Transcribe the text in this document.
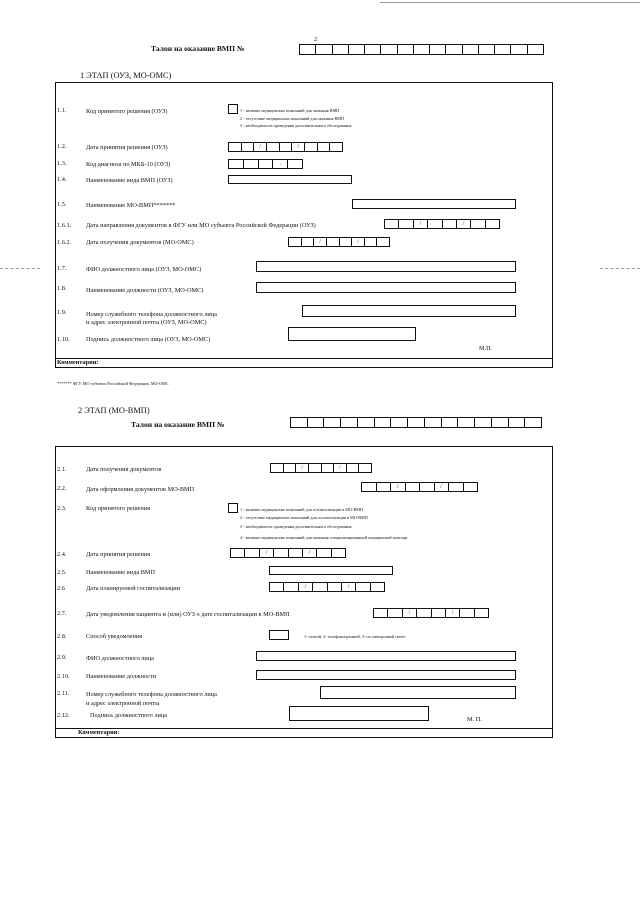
2
Талон на оказание ВМП №
1 ЭТАП (ОУЗ, МО-ОМС)
1.1.	Код принятого решения (ОУЗ)	1 - наличие медицинских показаний для оказания ВМП
2 - отсутствие медицинских показаний для оказания ВМП
3 - необходимость проведения дополнительного обследования
1.2.	Дата принятия решения (ОУЗ)	/	/
1.3.	Код диагноза по МКБ-10 (ОУЗ)	.
1.4.	Наименование вида ВМП (ОУЗ)
1.5.	Наименование МО-ВМП*******
1.6.1. Дата направления документов в ФГУ или МО субъекта Российской Федерации (ОУЗ)	/	/
1.6.2. Дата получения документов (МО-ОМС)	/	/
1.7.	ФИО должностного лица (ОУЗ, МО-ОМС)
1.8.	Наименование должности (ОУЗ, МО-ОМС)
1.9.	Номер служебного телефона должностного лица
и адрес электронной почты (ОУЗ, МО-ОМС)
1.10.	Подпись должностного лица (ОУЗ, МО-ОМС)
М.П.
Комментарии:
******* ФГУ, МО субъекта Российской Федерации, МО-ОМС
2 ЭТАП (МО-ВМП)
Талон на оказание ВМП №
2.1.	Дата получения документов	/	/
2.2.	Дата оформления документов МО-ВМП	/	/
2.3.	Код принятого решения	1 - наличие медицинских показаний для госпитализации в МО-ВМП
2 - отсутствие медицинских показаний для госпитализации в МО-ВМП
3 - необходимость проведения дополнительного обследования
4 - наличие медицинских показаний для оказания специализированной медицинской помощи
2.4.	Дата принятия решения	/	/
2.5.	Наименование вида ВМП
2.6	Дата планируемой госпитализации	/	/
2.7.	Дата уведомления пациента и (или) ОУЗ о дате госпитализации в МО-ВМП	/	/
2.8.	Способ уведомления	1- почтой, 2- телефонограммой, 3- по электронной почте
2.9.	ФИО должностного лица
2.10.	Наименование должности
2.11.	Номер служебного телефона должностного лица
и адрес электронной почты
2.12.	Подпись должностного лица
М. П.
Комментарии:
